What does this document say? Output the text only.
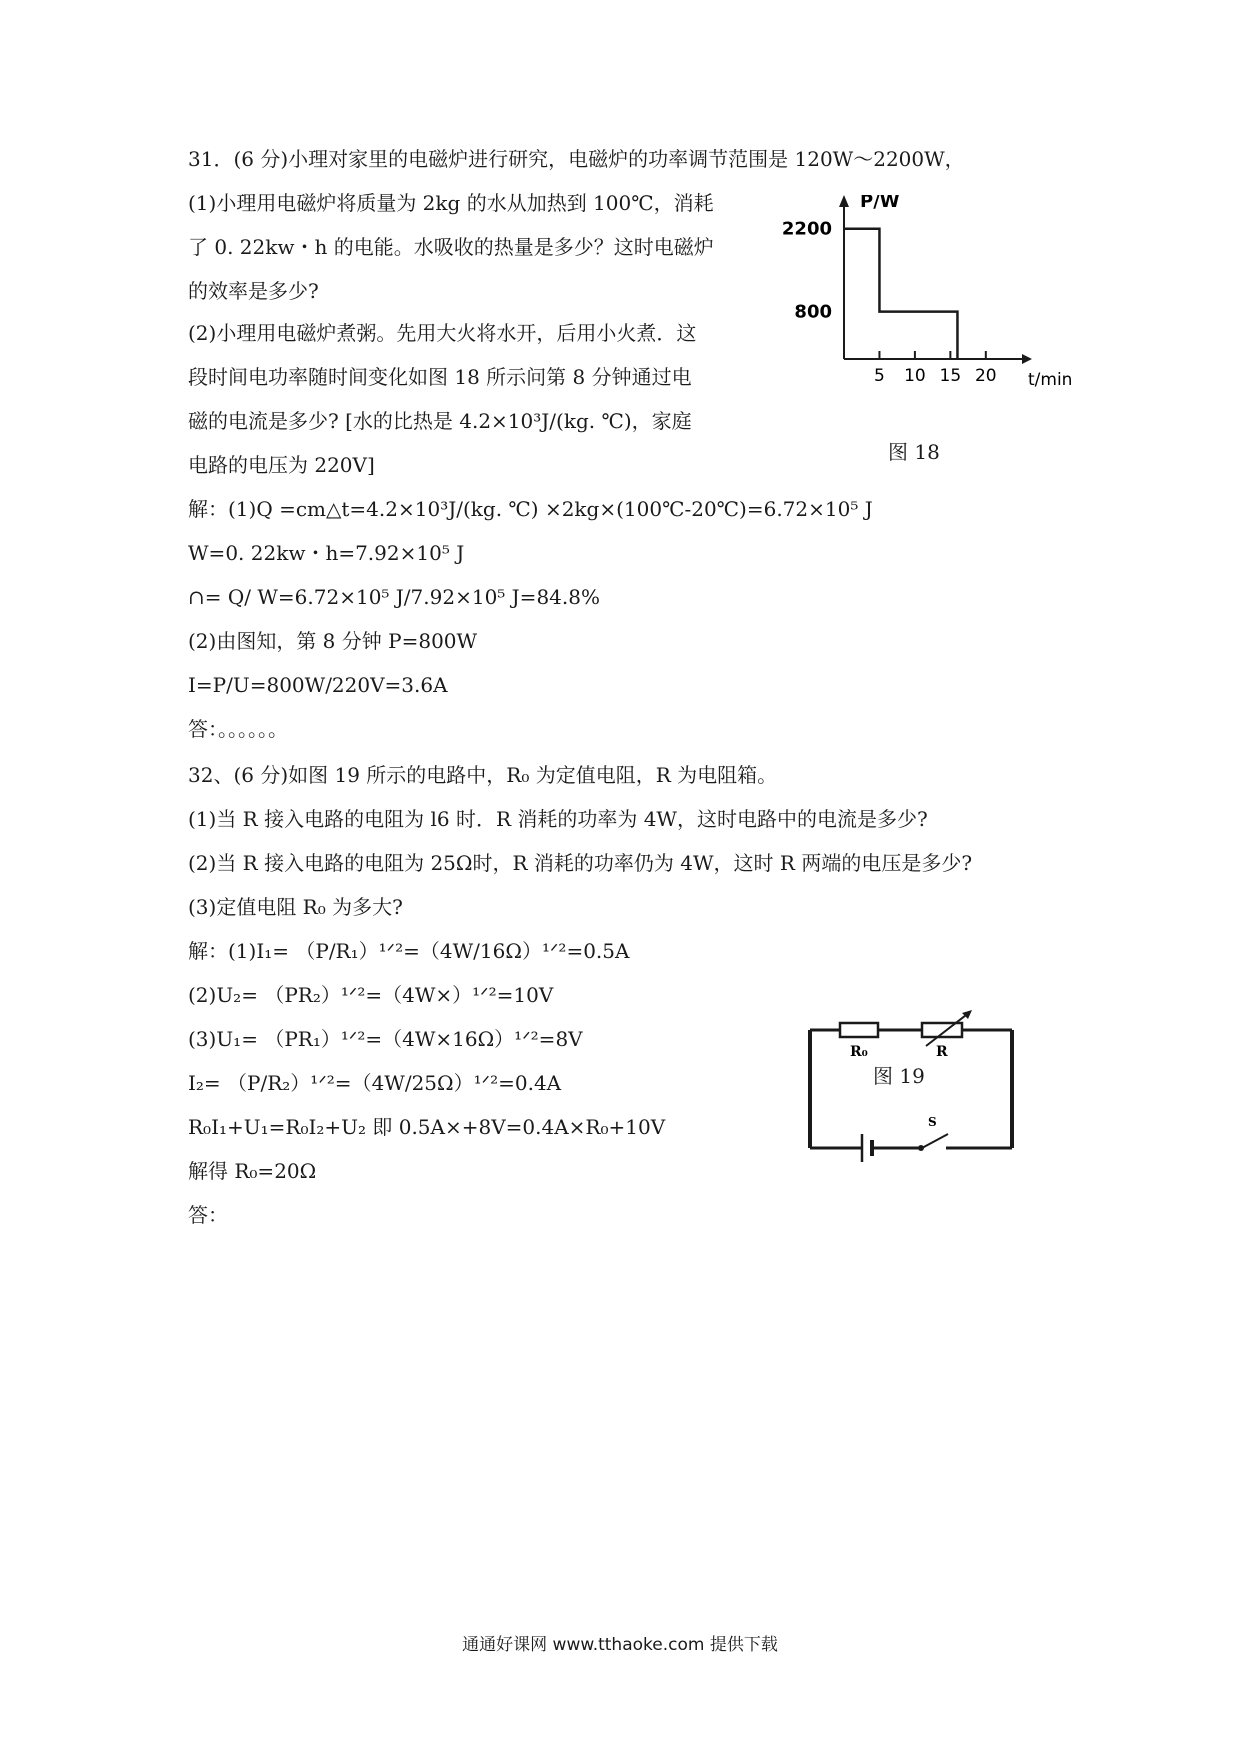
31．(6 分)小理对家里的电磁炉进行研究，电磁炉的功率调节范围是 120W～2200W，
(1)小理用电磁炉将质量为 2kg 的水从加热到 100℃，消耗
了 0. 22kw・h 的电能。水吸收的热量是多少？这时电磁炉
的效率是多少?
(2)小理用电磁炉煮粥。先用大火将水开，后用小火煮．这
段时间电功率随时间变化如图 18 所示问第 8 分钟通过电
磁的电流是多少? [水的比热是 4.2×10³J/(kg. ℃)，家庭
电路的电压为 220V]
解：(1)Q =cm△t=4.2×10³J/(kg. ℃) ×2kg×(100℃-20℃)=6.72×10⁵ J
W=0. 22kw・h=7.92×10⁵ J
∩= Q/ W=6.72×10⁵ J/7.92×10⁵ J=84.8%
(2)由图知，第 8 分钟 P=800W
I=P/U=800W/220V=3.6A
答：。。。。。。
5 10 15 20
800
2200
P/W
t/min
图 18
32、(6 分)如图 19 所示的电路中，R₀ 为定值电阻，R 为电阻箱。
(1)当 R 接入电路的电阻为 l6 时．R 消耗的功率为 4W，这时电路中的电流是多少?
(2)当 R 接入电路的电阻为 25Ω时，R 消耗的功率仍为 4W，这时 R 两端的电压是多少?
(3)定值电阻 R₀ 为多大?
解：(1)I₁= （P/R₁）¹ᐟ²=（4W/16Ω）¹ᐟ²=0.5A
(2)U₂= （PR₂）¹ᐟ²=（4W×）¹ᐟ²=10V
(3)U₁= （PR₁）¹ᐟ²=（4W×16Ω）¹ᐟ²=8V
I₂= （P/R₂）¹ᐟ²=（4W/25Ω）¹ᐟ²=0.4A
R₀I₁+U₁=R₀I₂+U₂ 即 0.5A×+8V=0.4A×R₀+10V
解得 R₀=20Ω
答：
R₀	R
S
图 19
通通好课网 www.tthaoke.com 提供下载
